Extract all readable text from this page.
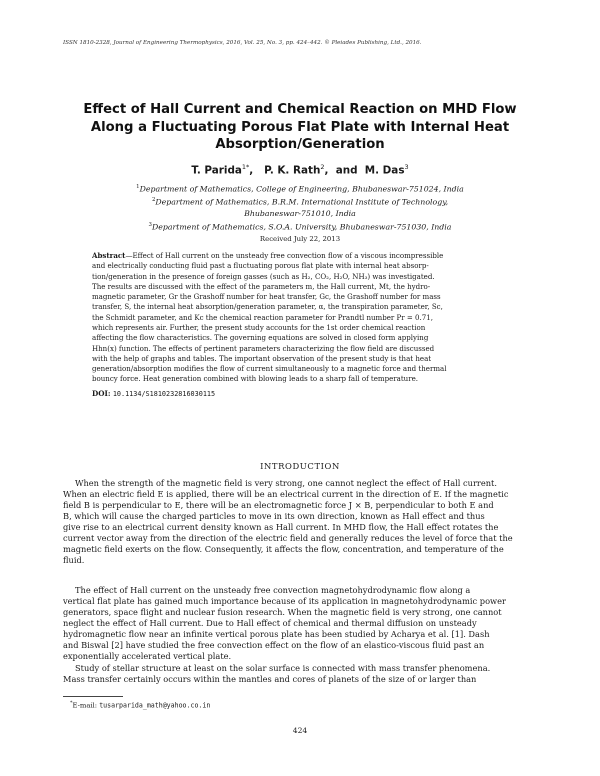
ISSN 1810-2328, Journal of Engineering Thermophysics, 2016, Vol. 25, No. 3, pp. 424–442. © Pleiades Publishing, Ltd., 2016.
Effect of Hall Current and Chemical Reaction on MHD Flow
Along a Fluctuating Porous Flat Plate with Internal Heat
Absorption/Generation
T. Parida$^{1*}$,   P. K. Rath$^2$,  and  M. Das$^3$
$^1$Department of Mathematics, College of Engineering, Bhubaneswar-751024, India
$^2$Department of Mathematics, B.R.M. International Institute of Technology,
Bhubaneswar-751010, India
$^3$Department of Mathematics, S.O.A. University, Bhubaneswar-751030, India
Received July 22, 2013
Abstract—Effect of Hall current on the unsteady free convection flow of a viscous incompressible
and electrically conducting fluid past a fluctuating porous flat plate with internal heat absorp-
tion/generation in the presence of foreign gasses (such as H₂, CO₂, H₂O, NH₃) was investigated.
The results are discussed with the effect of the parameters m, the Hall current, Mt, the hydro-
magnetic parameter, Gr the Grashoff number for heat transfer, Gc, the Grashoff number for mass
transfer, S, the internal heat absorption/generation parameter, α, the transpiration parameter, Sc,
the Schmidt parameter, and Kc the chemical reaction parameter for Prandtl number Pr = 0.71,
which represents air. Further, the present study accounts for the 1st order chemical reaction
affecting the flow characteristics. The governing equations are solved in closed form applying
Hhn(x) function. The effects of pertinent parameters characterizing the flow field are discussed
with the help of graphs and tables. The important observation of the present study is that heat
generation/absorption modifies the flow of current simultaneously to a magnetic force and thermal
bouncy force. Heat generation combined with blowing leads to a sharp fall of temperature.
DOI: 10.1134/S1810232816030115
INTRODUCTION
When the strength of the magnetic field is very strong, one cannot neglect the effect of Hall current.
When an electric field E is applied, there will be an electrical current in the direction of E. If the magnetic
field B is perpendicular to E, there will be an electromagnetic force J × B, perpendicular to both E and
B, which will cause the charged particles to move in its own direction, known as Hall effect and thus
give rise to an electrical current density known as Hall current. In MHD flow, the Hall effect rotates the
current vector away from the direction of the electric field and generally reduces the level of force that the
magnetic field exerts on the flow. Consequently, it affects the flow, concentration, and temperature of the
fluid.
The effect of Hall current on the unsteady free convection magnetohydrodynamic flow along a
vertical flat plate has gained much importance because of its application in magnetohydrodynamic power
generators, space flight and nuclear fusion research. When the magnetic field is very strong, one cannot
neglect the effect of Hall current. Due to Hall effect of chemical and thermal diffusion on unsteady
hydromagnetic flow near an infinite vertical porous plate has been studied by Acharya et al. [1]. Dash
and Biswal [2] have studied the free convection effect on the flow of an elastico-viscous fluid past an
exponentially accelerated vertical plate.
Study of stellar structure at least on the solar surface is connected with mass transfer phenomena.
Mass transfer certainly occurs within the mantles and cores of planets of the size of or larger than
*E-mail: tusarparida_math@yahoo.co.in
424
